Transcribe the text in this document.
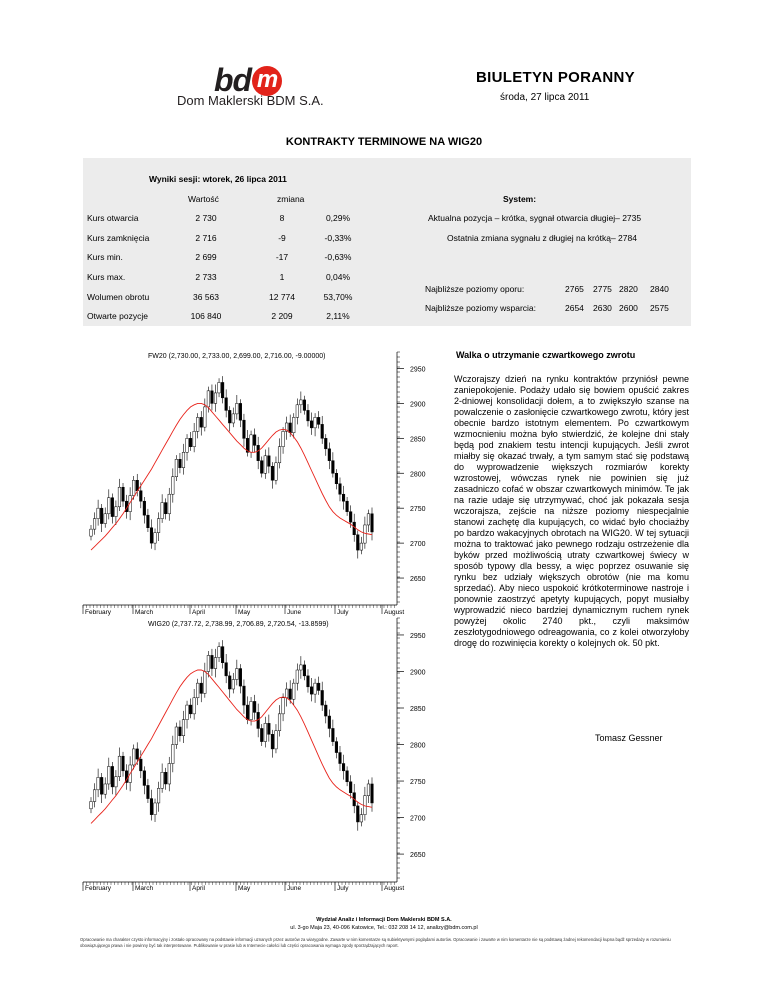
bd m
Dom Maklerski BDM S.A.
BIULETYN PORANNY
środa, 27 lipca 2011
KONTRAKTY TERMINOWE NA WIG20
Wyniki sesji: wtorek, 26 lipca 2011
Wartość	zmiana	System:
Kurs otwarcia	2 730	8	0,29%
Kurs zamknięcia	2 716	-9	-0,33%
Kurs min.	2 699	-17	-0,63%
Kurs max.	2 733	1	0,04%
Wolumen obrotu	36 563	12 774	53,70%
Otwarte pozycje	106 840	2 209	2,11%
Aktualna pozycja – krótka, sygnał otwarcia długiej– 2735
Ostatnia zmiana sygnału z długiej na krótką– 2784
Najbliższe poziomy oporu:	2765 2775 2820 2840
Najbliższe poziomy wsparcia:	2654 2630 2600 2575
2950
2900
2850
2800
2750
2700
2650
February	March	April	May	June	July	August
FW20 (2,730.00, 2,733.00, 2,699.00, 2,716.00, -9.00000)
2950
2900
2850
2800
2750
2700
2650
February	March	April	May	June	July	August
WIG20 (2,737.72, 2,738.99, 2,706.89, 2,720.54, -13.8599)
Walka o utrzymanie czwartkowego zwrotu
Wczorajszy dzień na rynku kontraktów przyniósł pewne zaniepokojenie. Podaży udało się bowiem opuścić zakres 2-dniowej konsolidacji dołem, a to zwiększyło szanse na powalczenie o zasłonięcie czwartkowego zwrotu, który jest obecnie bardzo istotnym elementem. Po czwartkowym wzmocnieniu można było stwierdzić, że kolejne dni stały będą pod znakiem testu intencji kupujących. Jeśli zwrot miałby się okazać trwały, a tym samym stać się podstawą do wyprowadzenie większych rozmiarów korekty wzrostowej, wówczas rynek nie powinien się już zasadniczo cofać w obszar czwartkowych minimów. Te jak na razie udaje się utrzymywać, choć jak pokazała sesja wczorajsza, zejście na niższe poziomy niespecjalnie stanowi zachętę dla kupujących, co widać było chociażby po bardzo wakacyjnych obrotach na WIG20. W tej sytuacji można to traktować jako pewnego rodzaju ostrzeżenie dla byków przed możliwością utraty czwartkowej świecy w sposób typowy dla bessy, a więc poprzez osuwanie się rynku bez udziały większych obrotów (nie ma komu sprzedać). Aby nieco uspokoić krótkoterminowe nastroje i ponownie zaostrzyć apetyty kupujących, popyt musiałby wyprowadzić nieco bardziej dynamicznym ruchem rynek powyżej okolic 2740 pkt., czyli maksimów zeszłotygodniowego odreagowania, co z kolei otworzyłoby drogę do rozwinięcia korekty o kolejnych ok. 50 pkt.
Tomasz Gessner
Wydział Analiz i Informacji Dom Maklerski BDM S.A.
ul. 3-go Maja 23, 40-096 Katowice, Tel.: 032 208 14 12, analizy@bdm.com.pl
Opracowanie ma charakter czysto informacyjny i zostało opracowany na podstawie informacji uznanych przez autorów za wiarygodne. Zawarte w nim komentarze są subiektywnymi poglądami autorów. Opracowanie i zawarte w nim komentarze nie są podstawą żadnej rekomendacji kupna bądź sprzedaży w rozumieniu obowiązującego prawa i nie powinny być tak interpretowane. Publikowanie w prasie lub w Internecie całości lub części opracowania wymaga zgody sporządzających raport.
